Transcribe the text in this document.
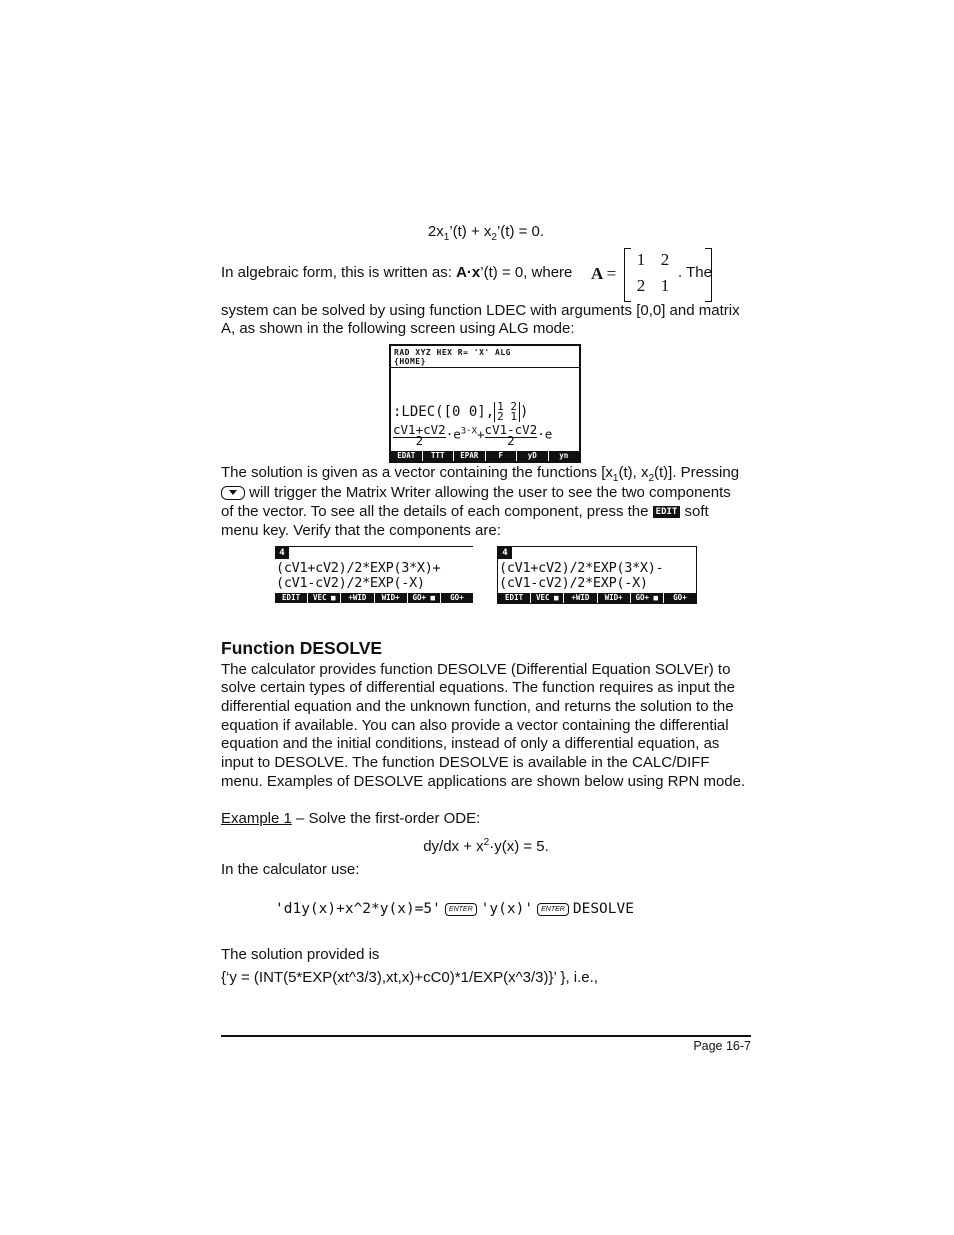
$2x_1’(t)$ + $x_2’(t) = 0$.
In algebraic form, this is written as: A·x’(t) = 0, where	A =
1 2
2 1
. The
system can be solved by using function LDEC with arguments [0,0] and matrix
A, as shown in the following screen using ALG mode:
RAD XYZ HEX R= 'X' ALG
{HOME}
:LDEC([0 0], 1 2
2 1 )
cV1+cV2
$2 \cdot e^{3\cdot X}+cV1-cV2$
2 ·e
EDAT	TTT	EPAR	F	yD	yn
The solution is given as a vector containing the functions [$x_1(t)$, $x_2(t)$]. Pressing
will trigger the Matrix Writer allowing the user to see the two components
of the vector. To see all the details of each component, press the EDIT soft
menu key. Verify that the components are:
4
(cV1+cV2)/2*EXP(3*X)+
(cV1-cV2)/2*EXP(-X)
EDIT	VEC ■	+WID	WID+	GO+ ■	GO+
4
(cV1+cV2)/2*EXP(3*X)-
(cV1-cV2)/2*EXP(-X)
EDIT	VEC ■	+WID	WID+	GO+ ■	GO+
Function DESOLVE
The calculator provides function DESOLVE (Differential Equation SOLVEr) to
solve certain types of differential equations. The function requires as input the
differential equation and the unknown function, and returns the solution to the
equation if available. You can also provide a vector containing the differential
equation and the initial conditions, instead of only a differential equation, as
input to DESOLVE. The function DESOLVE is available in the CALC/DIFF
menu. Examples of DESOLVE applications are shown below using RPN mode.
Example 1 – Solve the first-order ODE:
$dy/dx + x^2\cdot y(x) = 5$.
In the calculator use:
'd1y(x)+x^2*y(x)=5' ENTER 'y(x)' ENTER DESOLVE
The solution provided is
{‘y = (INT(5*EXP(xt^3/3),xt,x)+cC0)*1/EXP(x^3/3)}’ }, i.e.,
Page 16-7
